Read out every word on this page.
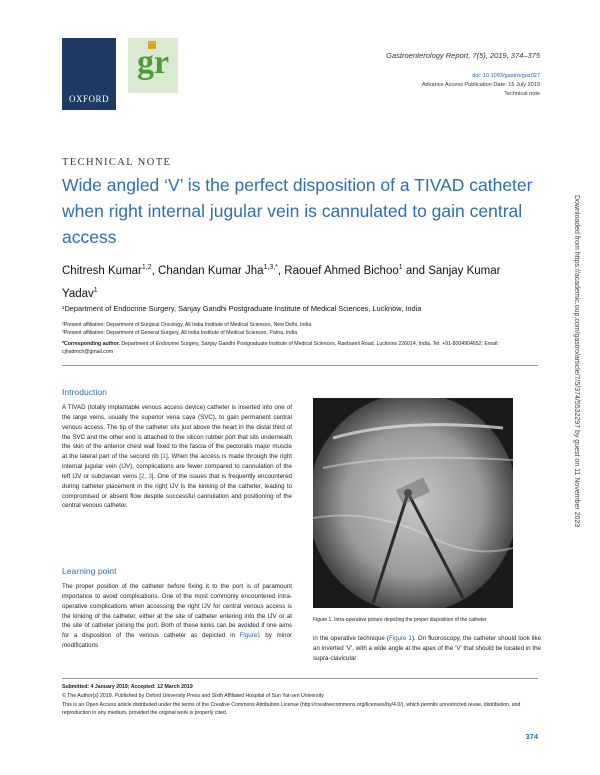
OXFORD
gr	Gastroenterology Report, 7(5), 2019, 374–375
doi: 10.1093/gastro/goz027
Advance Access Publication Date: 15 July 2019
Technical note
TECHNICAL NOTE
Wide angled ‘V’ is the perfect disposition of a TIVAD catheter when right internal jugular vein is cannulated to gain central access
Chitresh Kumar$^{1,2}$, Chandan Kumar Jha$^{1,3,*}$, Raouef Ahmed Bichoo$^1$ and Sanjay Kumar Yadav$^1$
¹Department of Endocrine Surgery, Sanjay Gandhi Postgraduate Institute of Medical Sciences, Lucknow, India
²Present affiliation: Department of Surgical Oncology, All India Institute of Medical Sciences, New Delhi, India
³Present affiliation: Department of General Surgery, All India Institute of Medical Sciences, Patna, India
*Corresponding author. Department of Endocrine Surgery, Sanjay Gandhi Postgraduate Institute of Medical Sciences, Raebareli Road, Lucknow 226014, India. Tel: +91-8004904652; Email: cjhadmch@gmail.com
Introduction
A TIVAD (totally implantable venous access device) catheter is inserted into one of the large veins, usually the superior vena cava (SVC), to gain permanent central venous access. The tip of the catheter sits just above the heart in the distal third of the SVC and the other end is attached to the silicon rubber port that sits underneath the skin of the anterior chest wall fixed to the fascia of the pectoralis major muscle at the lateral part of the second rib [1]. When the access is made through the right internal jugular vein (IJV), complications are fewer compared to cannulation of the left IJV or subclavian veins [2, 3]. One of the issues that is frequently encountered during catheter placement in the right IJV is the kinking of the catheter, leading to compromised or absent flow despite successful cannulation and positioning of the central venous catheter.
Learning point
The proper position of the catheter before fixing it to the port is of paramount importance to avoid complications. One of the most commonly encountered intra-operative complications when accessing the right IJV for central venous access is the kinking of the catheter, either at the site of catheter entering into the IJV or at the site of catheter joining the port. Both of these kinks can be avoided if one aims for a disposition of the venous catheter as depicted in Figure1 by minor modifications
Figure 1. Intra-operative picture depicting the proper disposition of the catheter
in the operative technique (Figure 1). On fluoroscopy, the catheter should look like an inverted ‘V’, with a wide angle at the apex of the ‘V’ that should be located in the supra-clavicular
Submitted: 4 January 2019; Accepted: 12 March 2019
© The Author(s) 2019. Published by Oxford University Press and Sixth Affiliated Hospital of Sun Yat-sen University
This is an Open Access article distributed under the terms of the Creative Commons Attribution License (http://creativecommons.org/licenses/by/4.0/), which permits unrestricted reuse, distribution, and reproduction in any medium, provided the original work is properly cited.
374
Downloaded from https://academic.oup.com/gastro/article/7/5/374/5532297 by guest on 11 November 2023
